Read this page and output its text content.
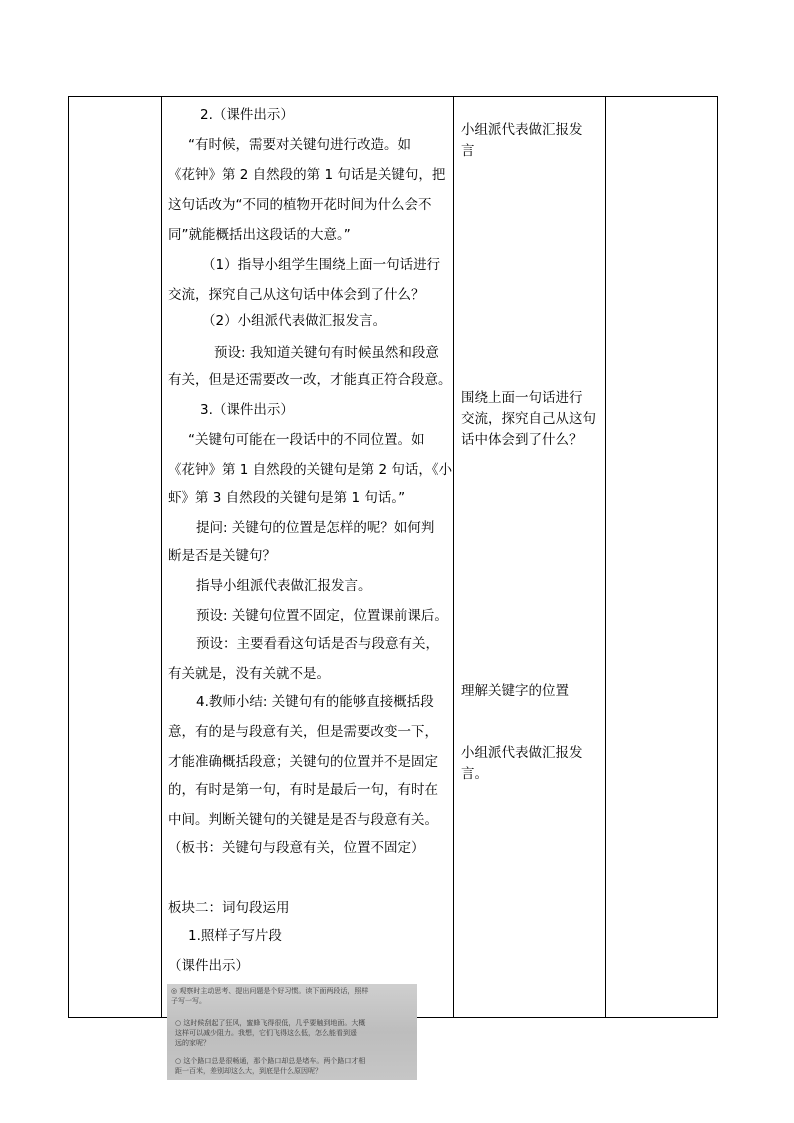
2.（课件出示）
“有时候，需要对关键句进行改造。如
《花钟》第 2 自然段的第 1 句话是关键句，把
这句话改为“不同的植物开花时间为什么会不
同”就能概括出这段话的大意。”
（1）指导小组学生围绕上面一句话进行
交流，探究自己从这句话中体会到了什么？
（2）小组派代表做汇报发言。
预设: 我知道关键句有时候虽然和段意
有关，但是还需要改一改，才能真正符合段意。
3.（课件出示）
“关键句可能在一段话中的不同位置。如
《花钟》第 1 自然段的关键句是第 2 句话，《小
虾》第 3 自然段的关键句是第 1 句话。”
提问: 关键句的位置是怎样的呢？如何判
断是否是关键句？
指导小组派代表做汇报发言。
预设: 关键句位置不固定，位置课前课后。
预设：主要看看这句话是否与段意有关，
有关就是，没有关就不是。
4.教师小结: 关键句有的能够直接概括段
意，有的是与段意有关，但是需要改变一下，
才能准确概括段意；关键句的位置并不是固定
的，有时是第一句，有时是最后一句，有时在
中间。判断关键句的关键是是否与段意有关。
（板书：关键句与段意有关，位置不固定）
板块二：词句段运用
1.照样子写片段
（课件出示）
小组派代表做汇报发
言
围绕上面一句话进行
交流，探究自己从这句
话中体会到了什么？
理解关键字的位置
小组派代表做汇报发
言。
◎ 观察时主动思考、提出问题是个好习惯。读下面两段话，照样
子写一写。
○ 这时候刮起了狂风，蜜蜂飞得很低，几乎要触到地面。大概
这样可以减少阻力。我想，它们飞得这么低，怎么能看到遥
远的家呢？
○ 这个路口总是很畅通，那个路口却总是堵车。两个路口才相
距一百米，差别却这么大，到底是什么原因呢？
